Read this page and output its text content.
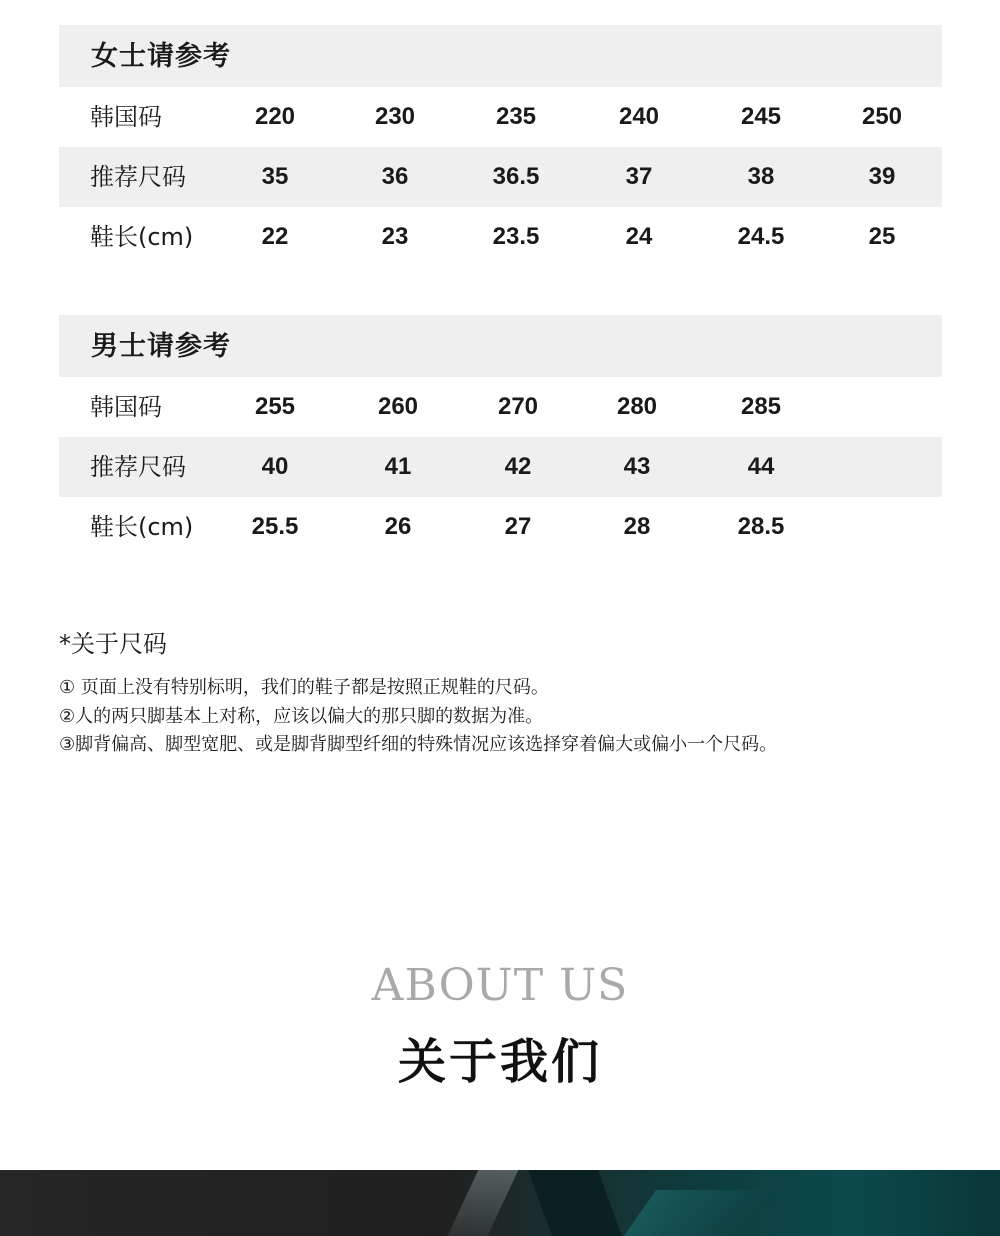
女士请参考
韩国码	220	230	235	240	245	250
推荐尺码	35	36	36.5	37	38	39
鞋长(cm)	22	23	23.5	24	24.5	25
男士请参考
韩国码	255	260	270	280	285
推荐尺码	40	41	42	43	44
鞋长(cm)	25.5	26	27	28	28.5
*关于尺码
① 页面上没有特别标明，我们的鞋子都是按照正规鞋的尺码。
②人的两只脚基本上对称，应该以偏大的那只脚的数据为准。
③脚背偏高、脚型宽肥、或是脚背脚型纤细的特殊情况应该选择穿着偏大或偏小一个尺码。
ABOUT US
关于我们
